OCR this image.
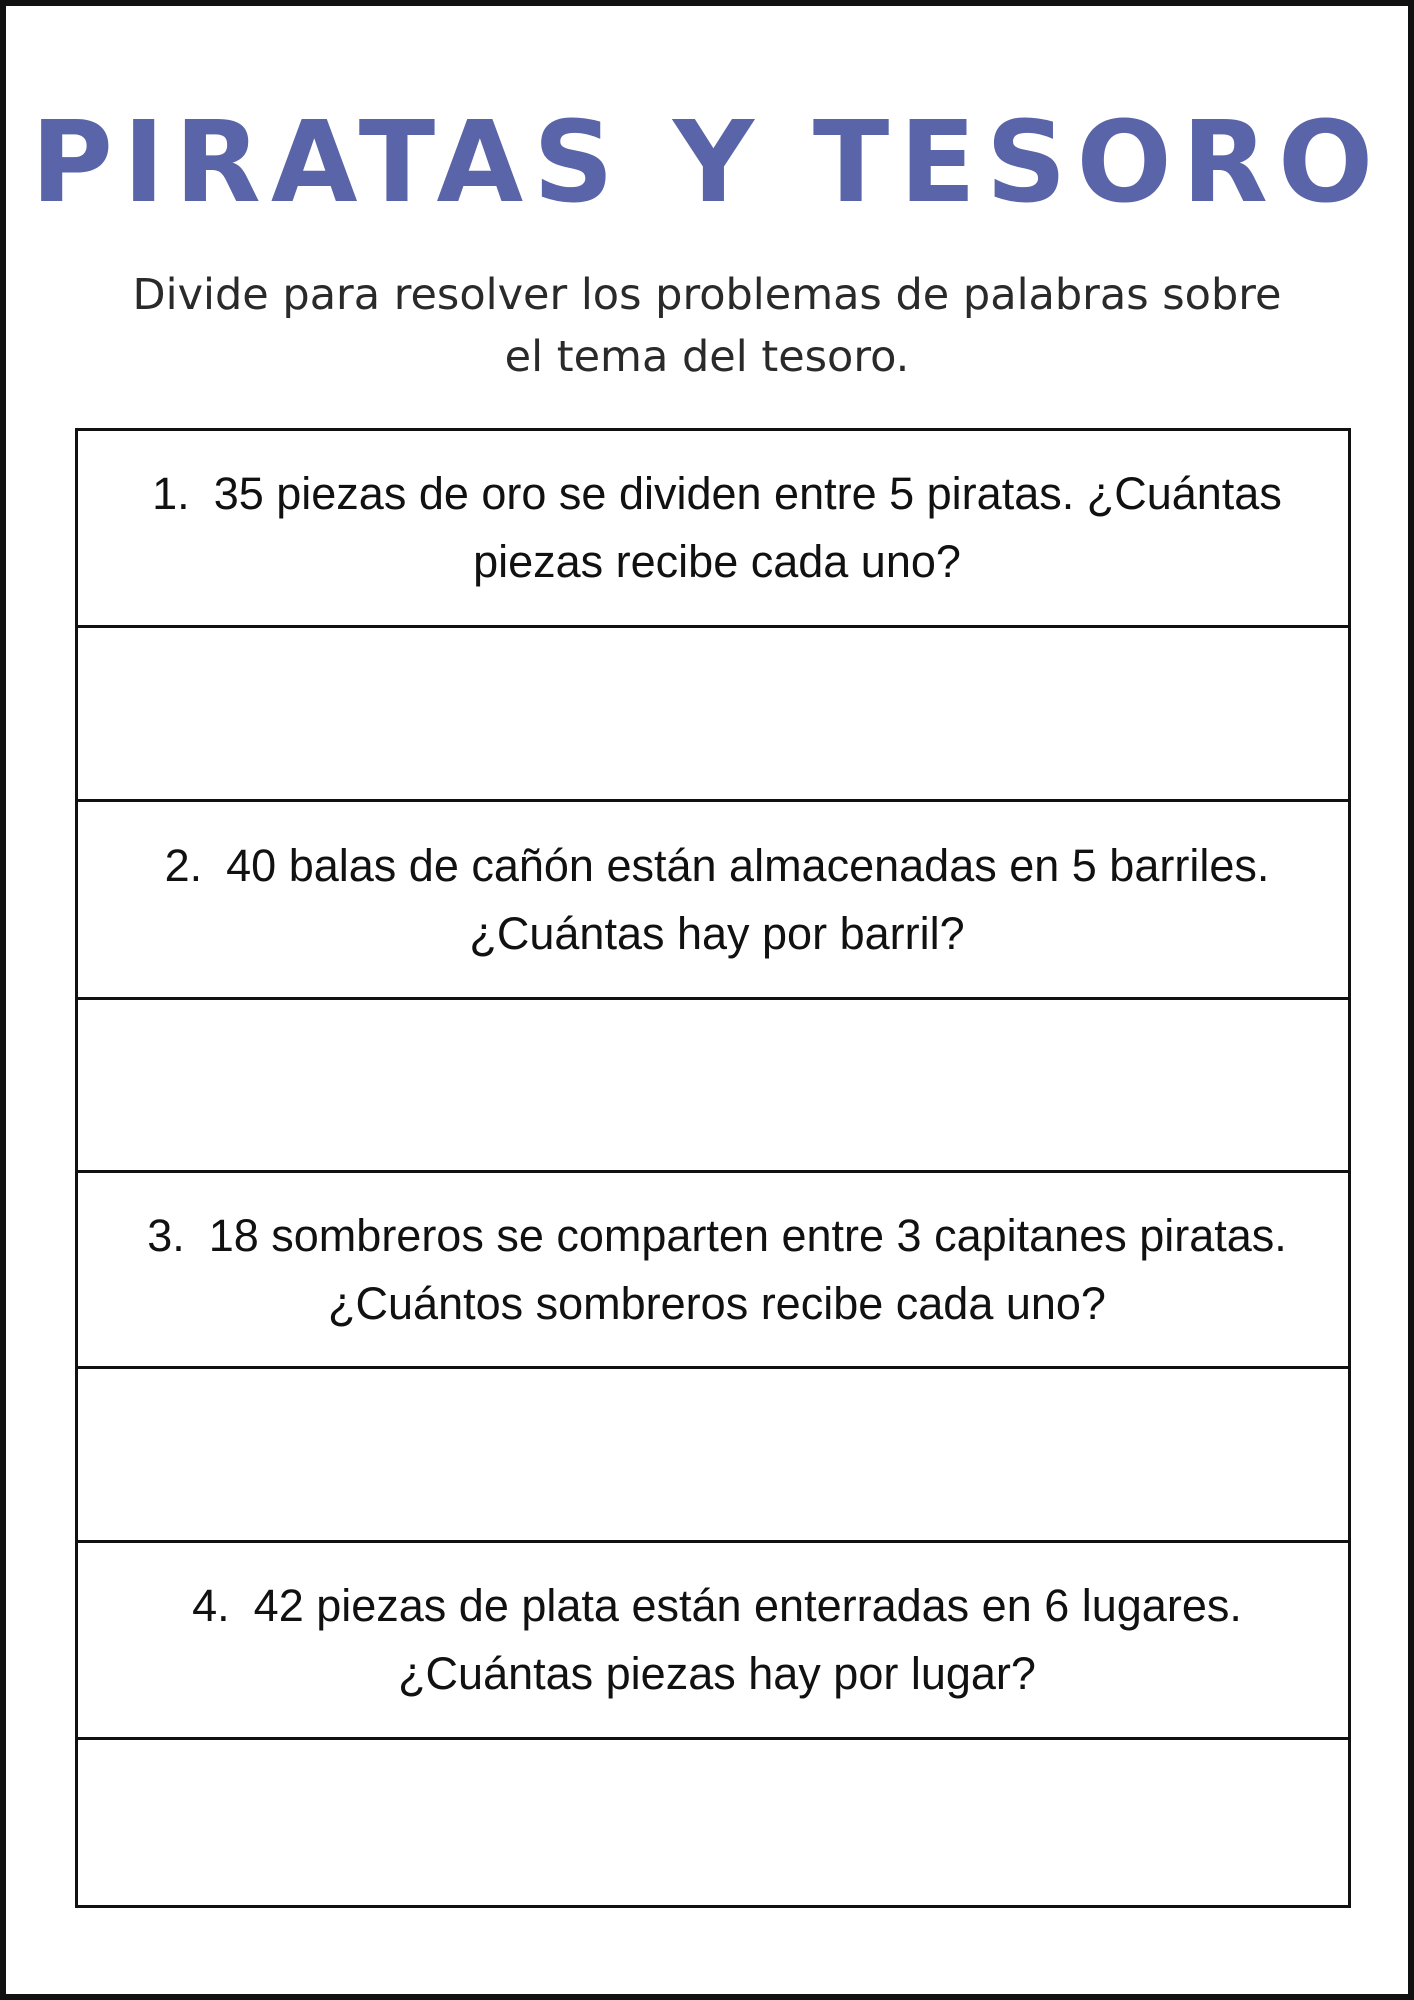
PIRATAS Y TESORO
Divide para resolver los problemas de palabras sobre el tema del tesoro.
1. 35 piezas de oro se dividen entre 5 piratas. ¿Cuántas piezas recibe cada uno?
2. 40 balas de cañón están almacenadas en 5 barriles. ¿Cuántas hay por barril?
3. 18 sombreros se comparten entre 3 capitanes piratas. ¿Cuántos sombreros recibe cada uno?
4. 42 piezas de plata están enterradas en 6 lugares. ¿Cuántas piezas hay por lugar?
